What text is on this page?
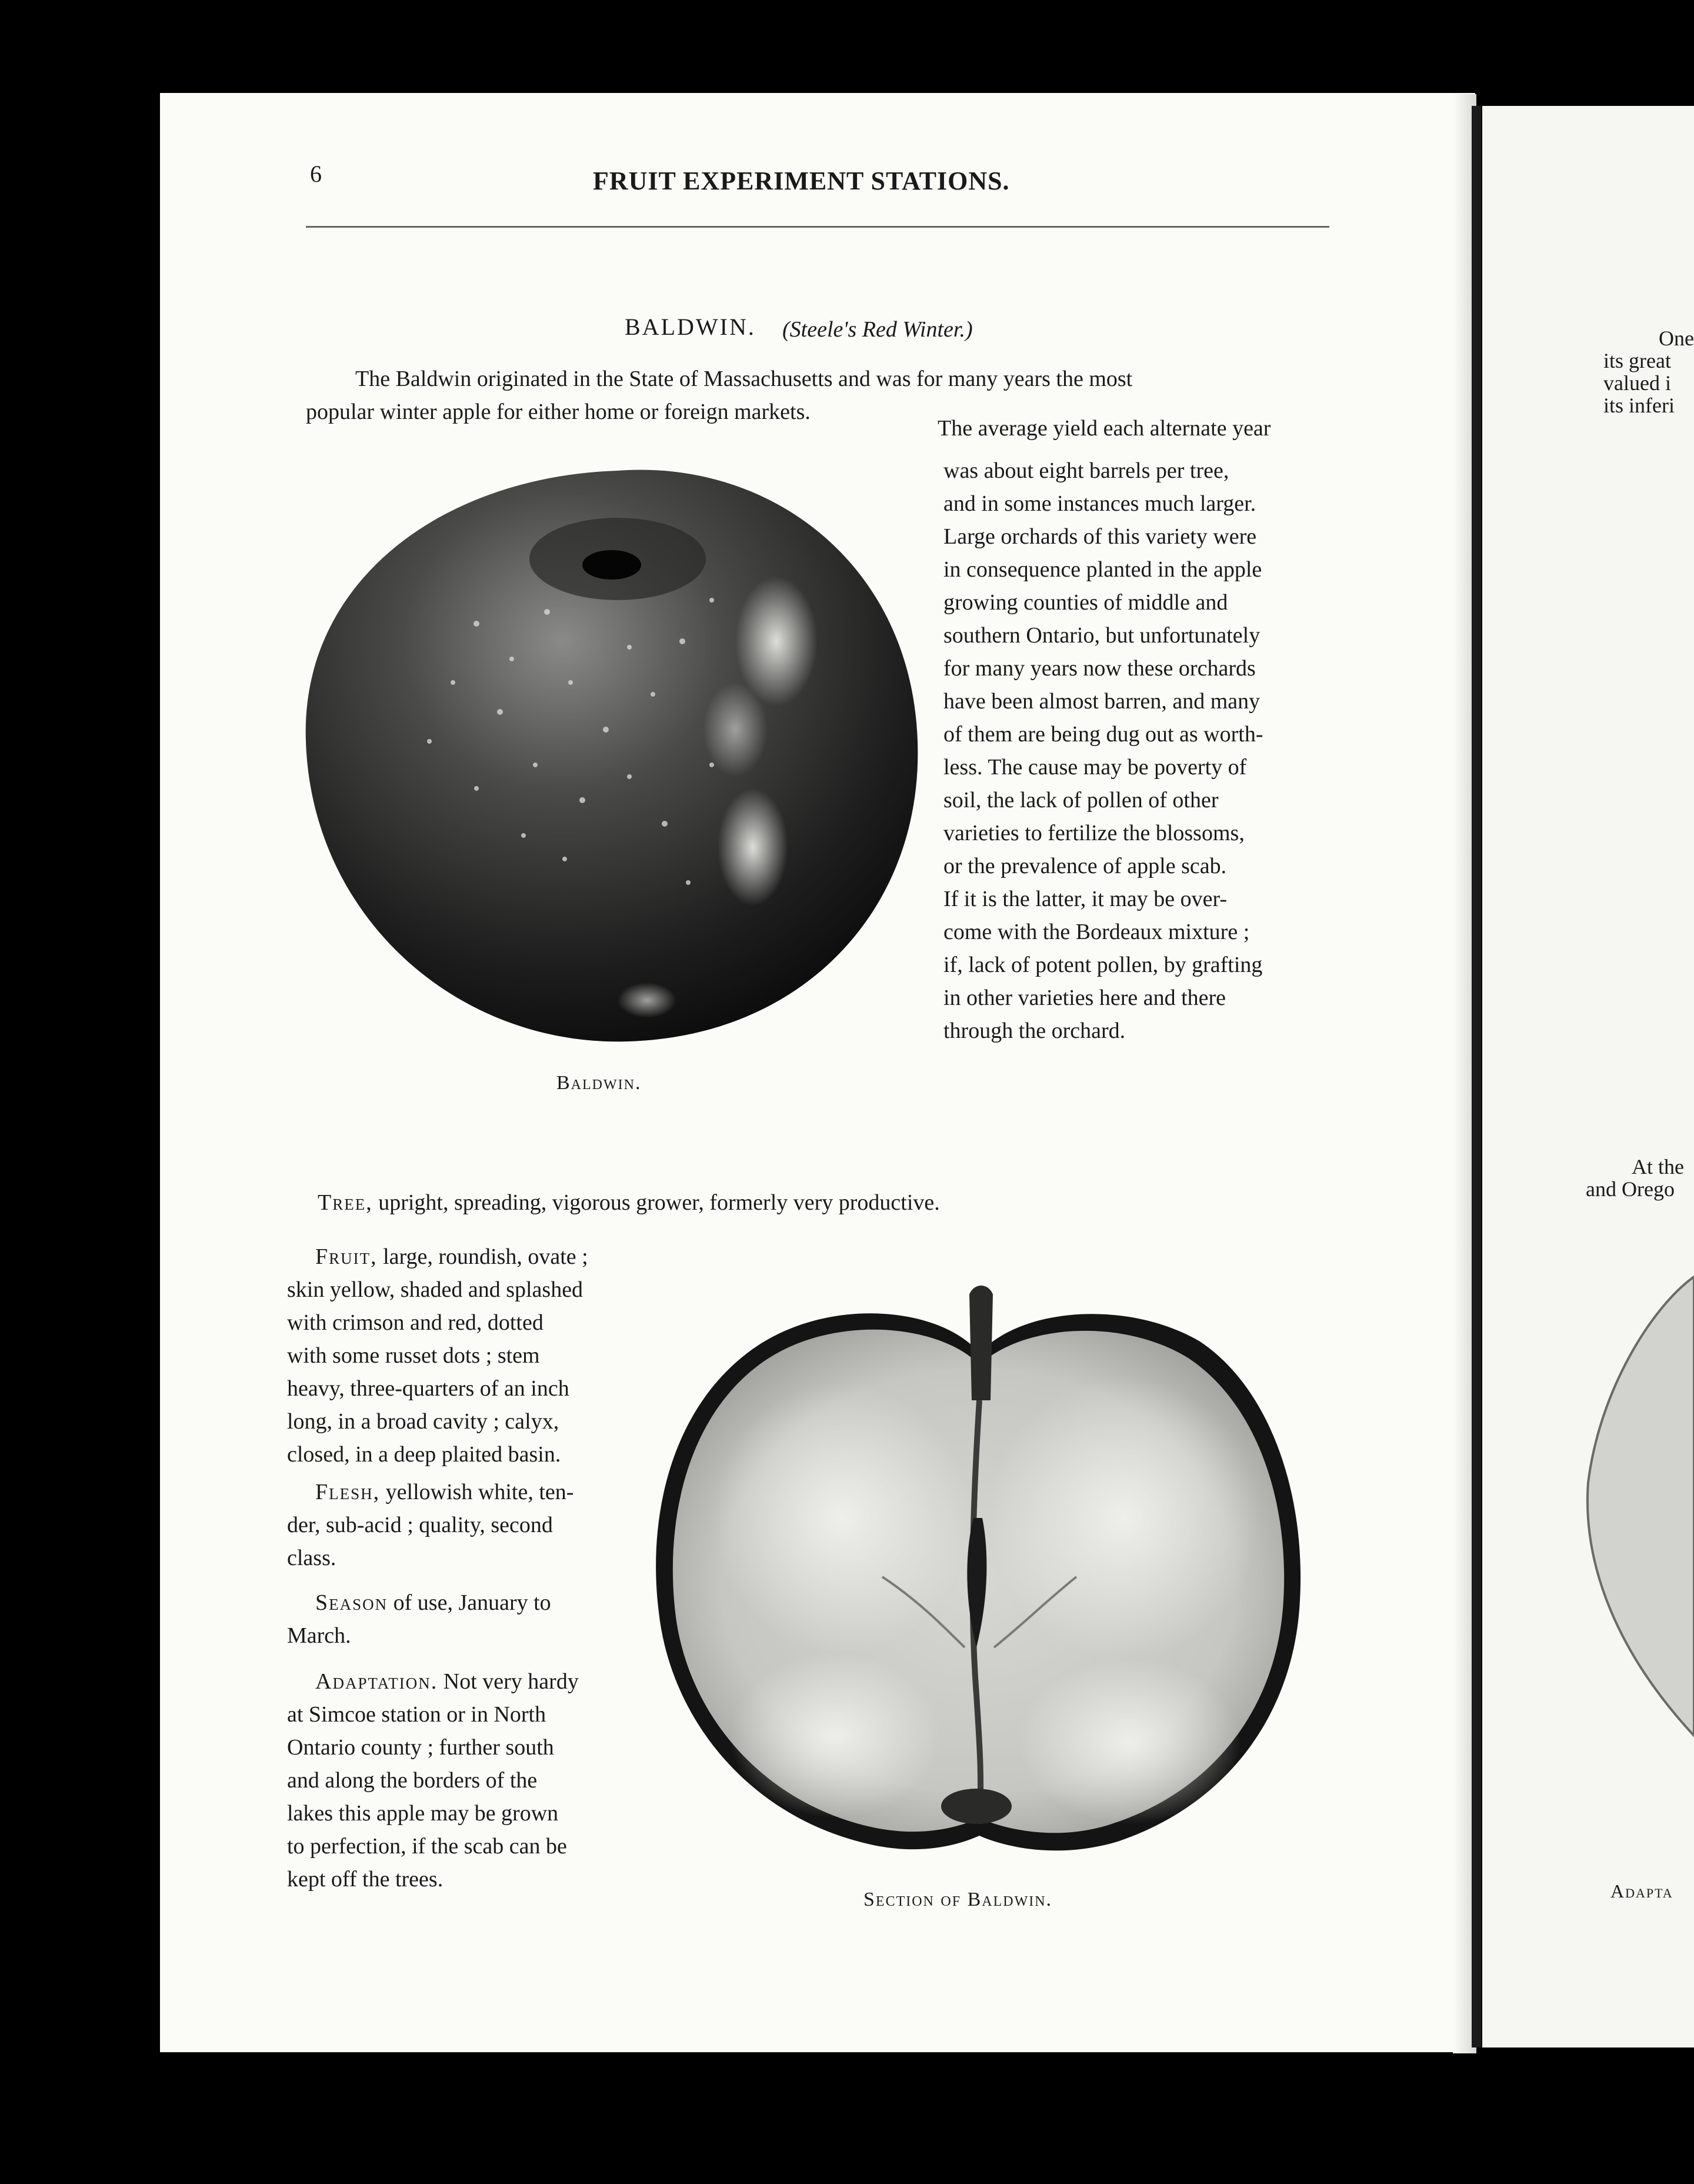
6	FRUIT EXPERIMENT STATIONS.
BALDWIN. (Steele's Red Winter.)
The Baldwin originated in the State of Massachusetts and was for many years the most
popular winter apple for either home or foreign markets.
The average yield each alternate year
was about eight barrels per tree,
and in some instances much larger.
Large orchards of this variety were
in consequence planted in the apple
growing counties of middle and
southern Ontario, but unfortunately
for many years now these orchards
have been almost barren, and many
of them are being dug out as worth-
less. The cause may be poverty of
soil, the lack of pollen of other
varieties to fertilize the blossoms,
or the prevalence of apple scab.
If it is the latter, it may be over-
come with the Bordeaux mixture ;
if, lack of potent pollen, by grafting
in other varieties here and there
through the orchard.
Baldwin.
Tree, upright, spreading, vigorous grower, formerly very productive.
Fruit, large, roundish, ovate ;
skin yellow, shaded and splashed
with crimson and red, dotted
with some russet dots ; stem
heavy, three-quarters of an inch
long, in a broad cavity ; calyx,
closed, in a deep plaited basin.
Flesh, yellowish white, ten-
der, sub-acid ; quality, second
class.
Season of use, January to
March.
Adaptation. Not very hardy
at Simcoe station or in North
Ontario county ; further south
and along the borders of the
lakes this apple may be grown
to perfection, if the scab can be
kept off the trees.
Section of Baldwin.
One
its great
valued i
its inferi
At the
and Orego
Adapta
